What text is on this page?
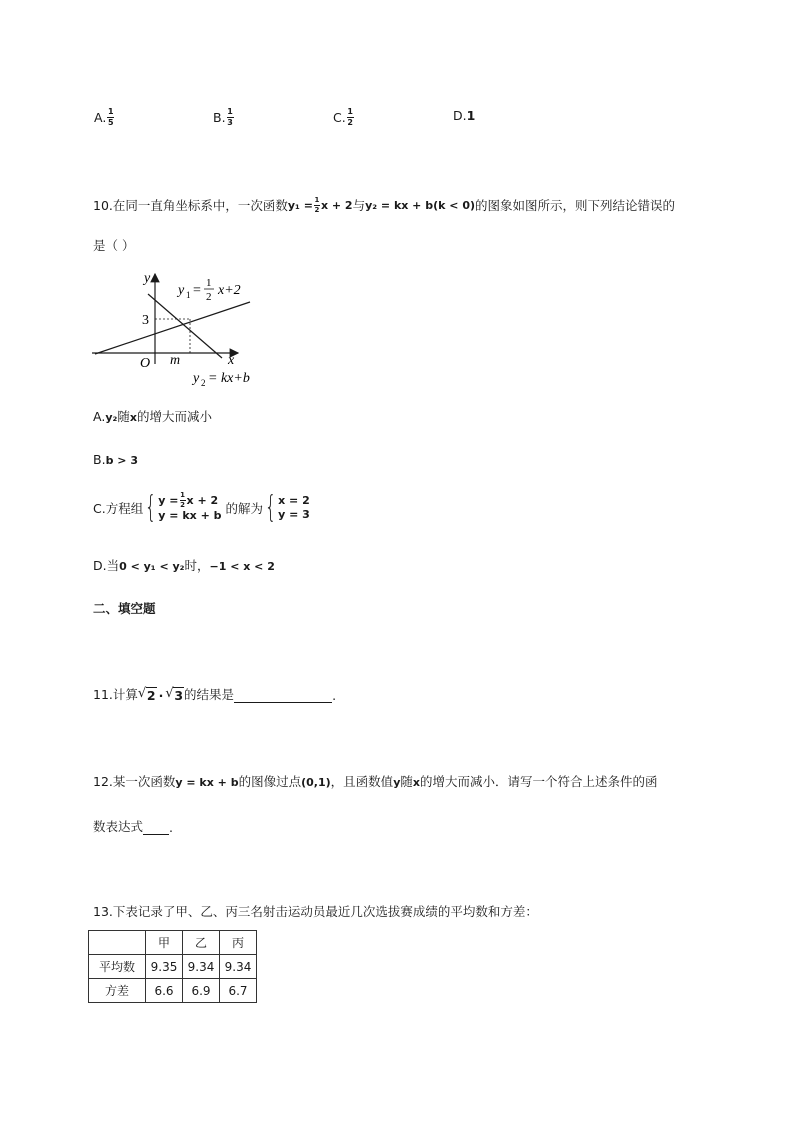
A. $\frac{1}{5}$	B. $\frac{1}{3}$	C. $\frac{1}{2}$	D. 1
10.在同一直角坐标系中，一次函数 $y_1 = \frac{1}{2}$ x + 2 与 y₂ = kx + b(k < 0) 的图象如图所示，则下列结论错误的
是（ ）
y
x
O
3
m
y 1 = 1
2 x+2
y 2 = kx+b
A.y₂随x的增大而减小
B.b > 3
C.方程组 { $y = \frac{1}{2}$ x + 2
y = kx + b 的解为 { x = 2
y = 3
D.当0 < y₁ < y₂时，−1 < x < 2
二、填空题
11.计算 √ 2 · √ 3 的结果是	.
12.某一次函数y = kx + b的图像过点(0,1)，且函数值y随x的增大而减小．请写一个符合上述条件的函
数表达式 .
13.下表记录了甲、乙、丙三名射击运动员最近几次选拔赛成绩的平均数和方差：
	甲	乙	丙
平均数	9.35	9.34	9.34
方差	6.6	6.9	6.7
